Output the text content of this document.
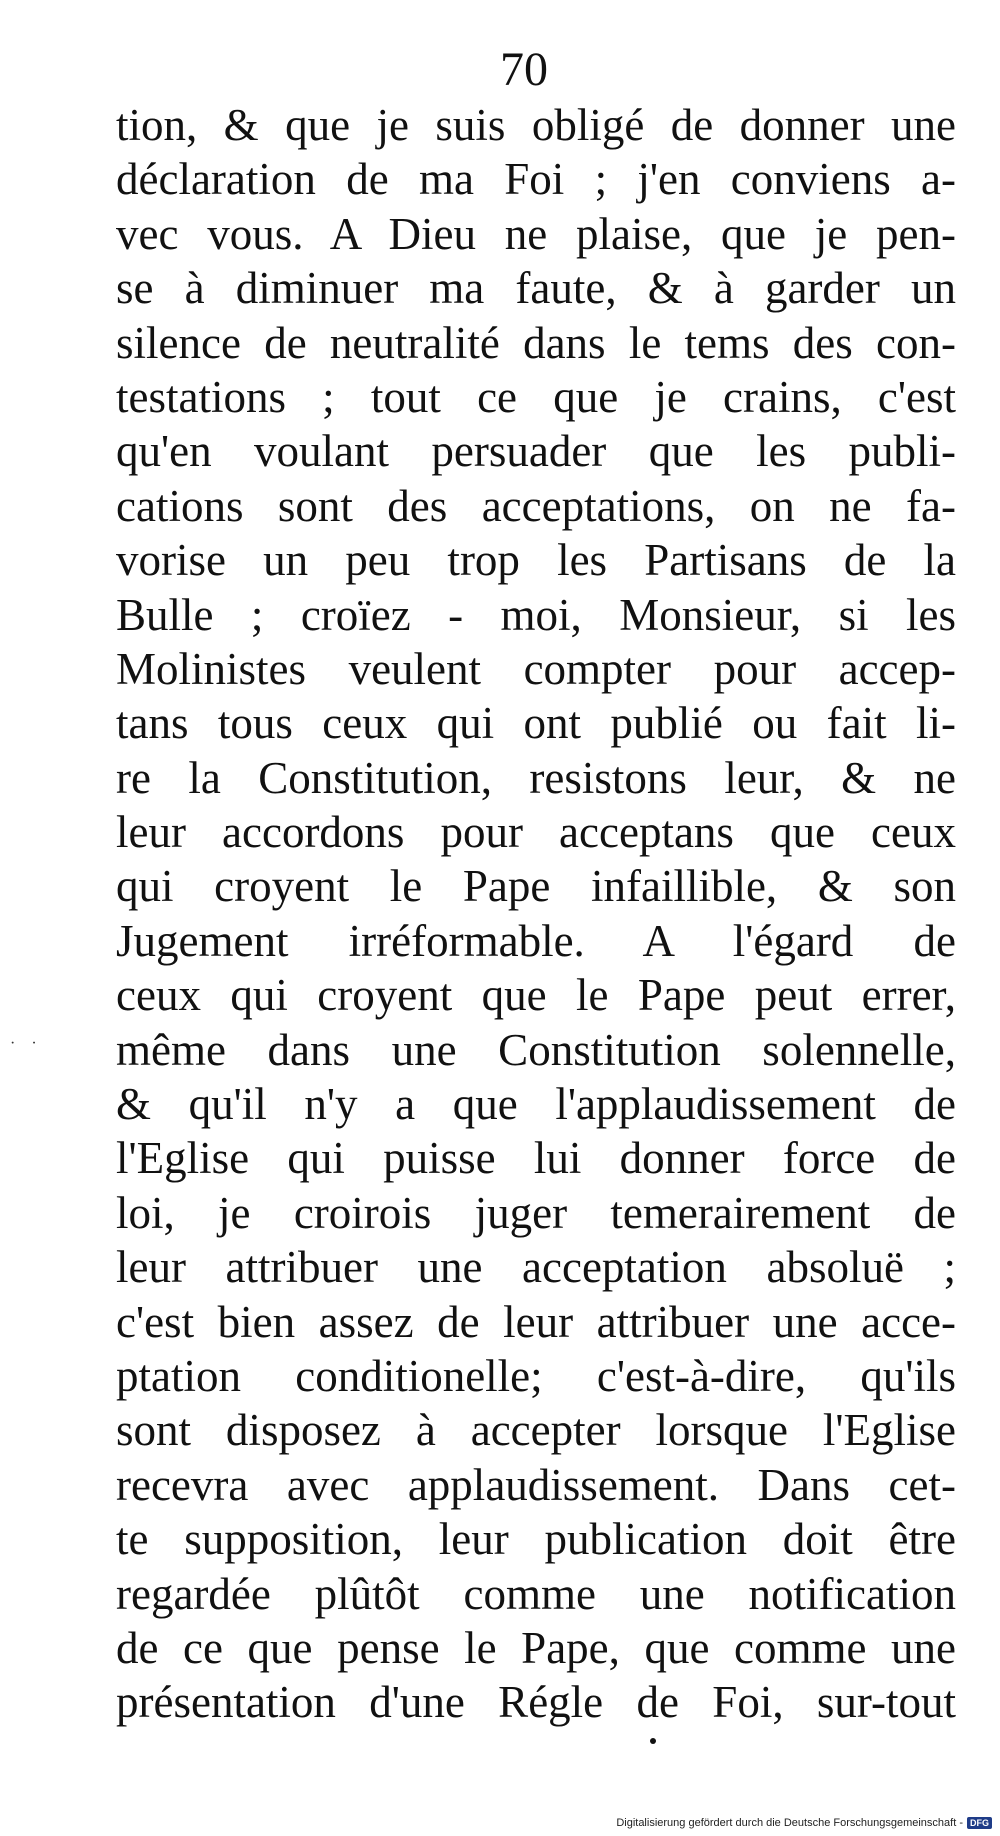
70
tion, & que je suis obligé de donner une
déclaration de ma Foi ; j'en conviens a-
vec vous. A Dieu ne plaise, que je pen-
se à diminuer ma faute, & à garder un
silence de neutralité dans le tems des con-
testations ; tout ce que je crains, c'est
qu'en voulant persuader que les publi-
cations sont des acceptations, on ne fa-
vorise un peu trop les Partisans de la
Bulle ; croïez - moi, Monsieur, si les
Molinistes veulent compter pour accep-
tans tous ceux qui ont publié ou fait li-
re la Constitution, resistons leur, & ne
leur accordons pour acceptans que ceux
qui croyent le Pape infaillible, & son
Jugement irréformable. A l'égard de
ceux qui croyent que le Pape peut errer,
même dans une Constitution solennelle,
& qu'il n'y a que l'applaudissement de
l'Eglise qui puisse lui donner force de
loi, je croirois juger temerairement de
leur attribuer une acceptation absoluë ;
c'est bien assez de leur attribuer une acce-
ptation conditionelle; c'est-à-dire, qu'ils
sont disposez à accepter lorsque l'Eglise
recevra avec applaudissement. Dans cet-
te supposition, leur publication doit être
regardée plûtôt comme une notification
de ce que pense le Pape, que comme une
présentation d'une Régle de Foi, sur-tout
· ·
Digitalisierung gefördert durch die Deutsche Forschungsgemeinschaft - DFG
